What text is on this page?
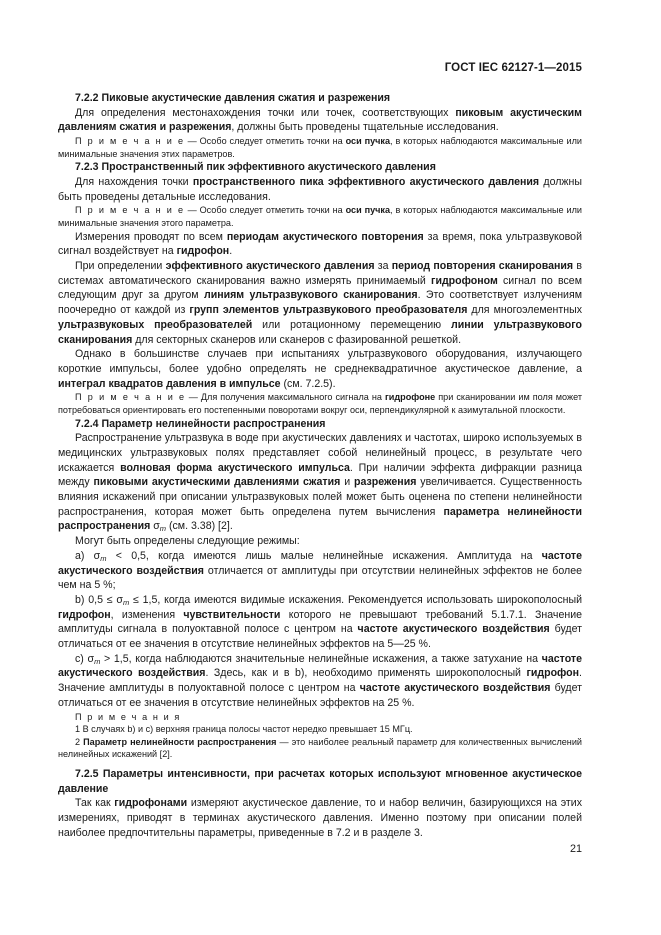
ГОСТ IEC 62127-1—2015

7.2.2 Пиковые акустические давления сжатия и разрежения

Для определения местонахождения точки или точек, соответствующих пиковым акустическим давлениям сжатия и разрежения, должны быть проведены тщательные исследования.

П р и м е ч а н и е — Особо следует отметить точки на оси пучка, в которых наблюдаются максимальные или минимальные значения этих параметров.

7.2.3 Пространственный пик эффективного акустического давления

Для нахождения точки пространственного пика эффективного акустического давления должны быть проведены детальные исследования.

П р и м е ч а н и е — Особо следует отметить точки на оси пучка, в которых наблюдаются максимальные или минимальные значения этого параметра.

Измерения проводят по всем периодам акустического повторения за время, пока ультразвуковой сигнал воздействует на гидрофон.

При определении эффективного акустического давления за период повторения сканирования в системах автоматического сканирования важно измерять принимаемый гидрофоном сигнал по всем следующим друг за другом линиям ультразвукового сканирования. Это соответствует излучениям поочередно от каждой из групп элементов ультразвукового преобразователя для многоэлементных ультразвуковых преобразователей или ротационному перемещению линии ультразвукового сканирования для секторных сканеров или сканеров с фазированной решеткой.

Однако в большинстве случаев при испытаниях ультразвукового оборудования, излучающего короткие импульсы, более удобно определять не среднеквадратичное акустическое давление, а интеграл квадратов давления в импульсе (см. 7.2.5).

П р и м е ч а н и е — Для получения максимального сигнала на гидрофоне при сканировании им поля может потребоваться ориентировать его постепенными поворотами вокруг оси, перпендикулярной к азимутальной плоскости.

7.2.4 Параметр нелинейности распространения

Распространение ультразвука в воде при акустических давлениях и частотах, широко используемых в медицинских ультразвуковых полях представляет собой нелинейный процесс, в результате чего искажается волновая форма акустического импульса. При наличии эффекта дифракции разница между пиковыми акустическими давлениями сжатия и разрежения увеличивается. Существенность влияния искажений при описании ультразвуковых полей может быть оценена по степени нелинейности распространения, которая может быть определена путем вычисления параметра нелинейности распространения $\sigma_m$ (см. 3.38) [2].

Могут быть определены следующие режимы:

a) $\sigma_m < 0,5$, когда имеются лишь малые нелинейные искажения. Амплитуда на частоте акустического воздействия отличается от амплитуды при отсутствии нелинейных эффектов не более чем на 5 %;

b) $0,5 \le \sigma_m \le 1,5$, когда имеются видимые искажения. Рекомендуется использовать широкополосный гидрофон, изменения чувствительности которого не превышают требований 5.1.7.1. Значение амплитуды сигнала в полуоктавной полосе с центром на частоте акустического воздействия будет отличаться от ее значения в отсутствие нелинейных эффектов на 5—25 %.

c) $\sigma_m > 1,5$, когда наблюдаются значительные нелинейные искажения, а также затухание на частоте акустического воздействия. Здесь, как и в b), необходимо применять широкополосный гидрофон. Значение амплитуды в полуоктавной полосе с центром на частоте акустического воздействия будет отличаться от ее значения в отсутствие нелинейных эффектов на 25 %.

П р и м е ч а н и я

1 В случаях b) и c) верхняя граница полосы частот нередко превышает 15 МГц.

2 Параметр нелинейности распространения — это наиболее реальный параметр для количественных вычислений нелинейных искажений [2].

7.2.5 Параметры интенсивности, при расчетах которых используют мгновенное акустическое давление

Так как гидрофонами измеряют акустическое давление, то и набор величин, базирующихся на этих измерениях, приводят в терминах акустического давления. Именно поэтому при описании полей наиболее предпочтительны параметры, приведенные в 7.2 и в разделе 3.

21
